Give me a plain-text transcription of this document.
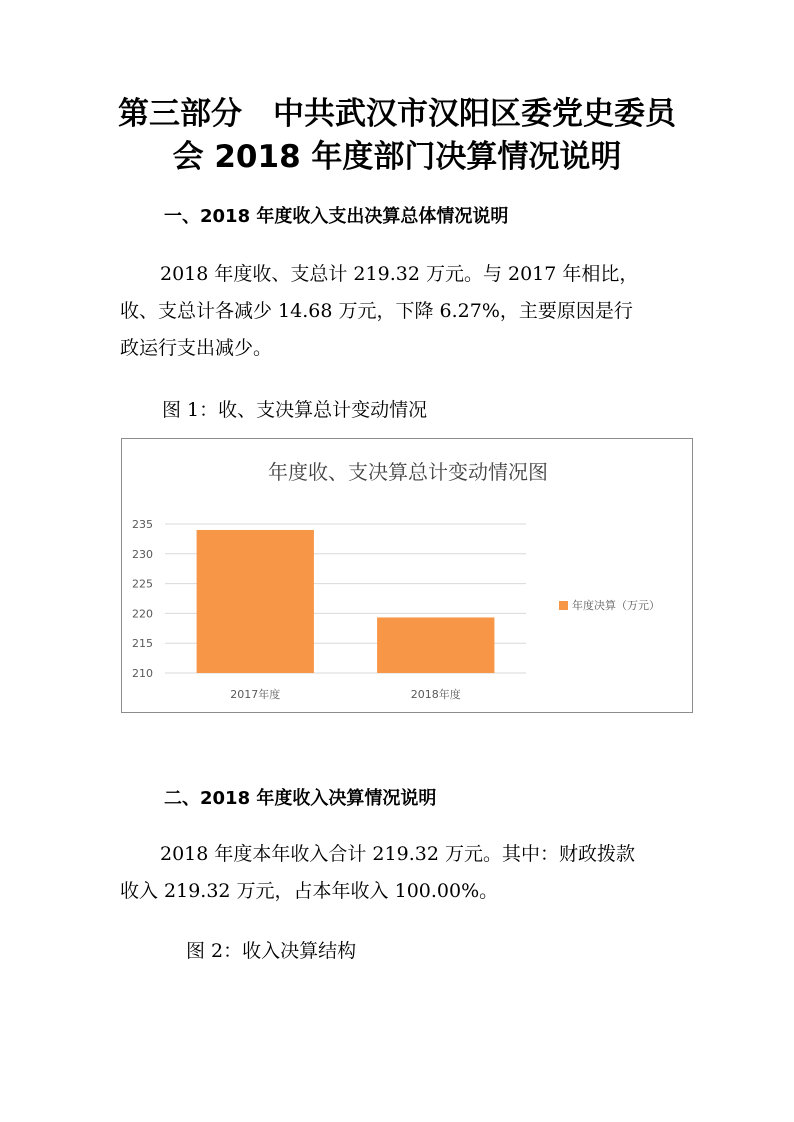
第三部分　中共武汉市汉阳区委党史委员
会 2018 年度部门决算情况说明
一、2018 年度收入支出决算总体情况说明
2018 年度收、支总计 219.32 万元。与 2017 年相比，
收、支总计各减少 14.68 万元，下降 6.27%，主要原因是行
政运行支出减少。

图 1：收、支决算总计变动情况

年度收、支决算总计变动情况图
210
215
220
225
230
235
2017年度	2018年度
年度决算（万元）
二、2018 年度收入决算情况说明
2018 年度本年收入合计 219.32 万元。其中：财政拨款
收入 219.32 万元，占本年收入 100.00%。

图 2：收入决算结构
